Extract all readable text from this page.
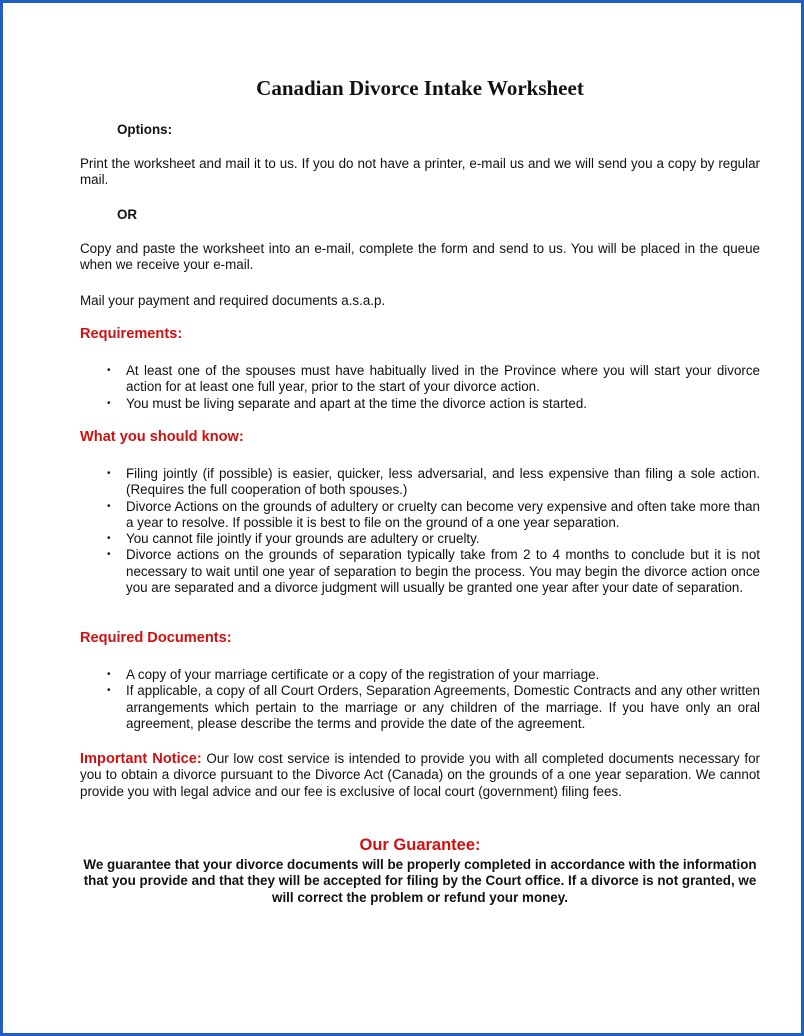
Canadian Divorce Intake Worksheet

Options:

Print the worksheet and mail it to us. If you do not have a printer, e-mail us and we will send you a copy by regular mail.

OR

Copy and paste the worksheet into an e-mail, complete the form and send to us. You will be placed in the queue when we receive your e-mail.

Mail your payment and required documents a.s.a.p.

Requirements:
• At least one of the spouses must have habitually lived in the Province where you will start your divorce action for at least one full year, prior to the start of your divorce action.
• You must be living separate and apart at the time the divorce action is started.
What you should know:
• Filing jointly (if possible) is easier, quicker, less adversarial, and less expensive than filing a sole action. (Requires the full cooperation of both spouses.)
• Divorce Actions on the grounds of adultery or cruelty can become very expensive and often take more than a year to resolve. If possible it is best to file on the ground of a one year separation.
• You cannot file jointly if your grounds are adultery or cruelty.
• Divorce actions on the grounds of separation typically take from 2 to 4 months to conclude but it is not necessary to wait until one year of separation to begin the process. You may begin the divorce action once you are separated and a divorce judgment will usually be granted one year after your date of separation.
Required Documents:
• A copy of your marriage certificate or a copy of the registration of your marriage.
• If applicable, a copy of all Court Orders, Separation Agreements, Domestic Contracts and any other written arrangements which pertain to the marriage or any children of the marriage. If you have only an oral agreement, please describe the terms and provide the date of the agreement.

Important Notice: Our low cost service is intended to provide you with all completed documents necessary for you to obtain a divorce pursuant to the Divorce Act (Canada) on the grounds of a one year separation. We cannot provide you with legal advice and our fee is exclusive of local court (government) filing fees.

Our Guarantee:

We guarantee that your divorce documents will be properly completed in accordance with the information that you provide and that they will be accepted for filing by the Court office. If a divorce is not granted, we will correct the problem or refund your money.
